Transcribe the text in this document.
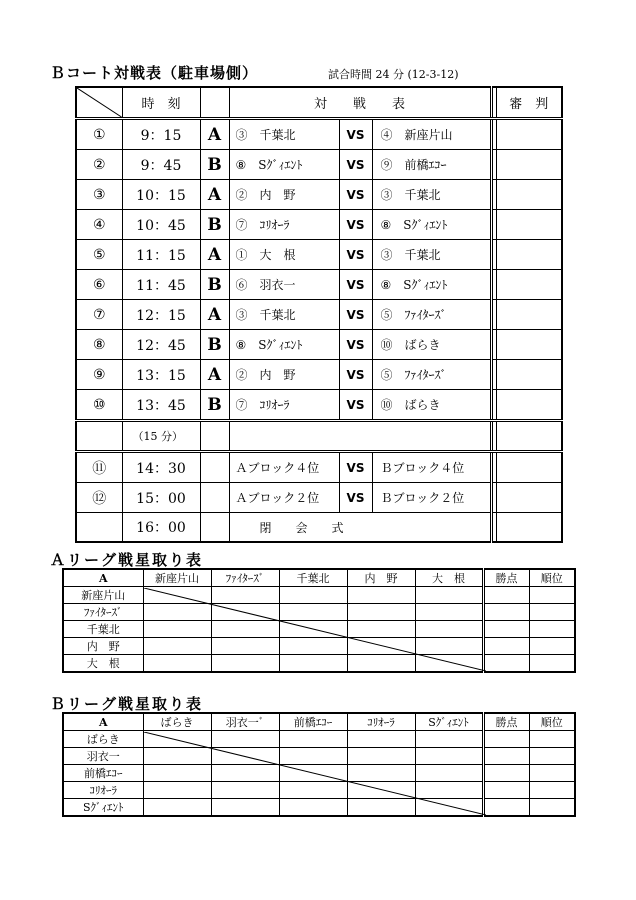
Ｂコート対戦表（駐車場側）	試合時間 24 分 (12-3-12)
	時　刻		対　　戦　　表				審　判
①	9：15	A	③　 千葉北	VS	④　 新座片山		
②	9：45	B	⑧　 Sｸﾞｨｴﾝﾄ	VS	⑨　 前橋ｴｺｰ		
③	10：15	A	②　 内　野	VS	③　 千葉北		
④	10：45	B	⑦　 ｺﾘｵｰﾗ	VS	⑧　 Sｸﾞｨｴﾝﾄ		
⑤	11：15	A	①　 大　根	VS	③　 千葉北		
⑥	11：45	B	⑥　 羽衣一	VS	⑧　 Sｸﾞｨｴﾝﾄ		
⑦	12：15	A	③　 千葉北	VS	⑤　 ﾌｧｲﾀｰｽﾞ		
⑧	12：45	B	⑧　 Sｸﾞｨｴﾝﾄ	VS	⑩　 ばらき		
⑨	13：15	A	②　 内　野	VS	⑤　 ﾌｧｲﾀｰｽﾞ		
⑩	13：45	B	⑦　 ｺﾘｵｰﾗ	VS	⑩　 ばらき		
	（15 分）						
⑪	14：30		Ａブロック４位	VS	Ｂブロック４位		
⑫	15：00		Ａブロック２位	VS	Ｂブロック２位		
	16：00		閉　　会　　式				
Ａリーグ戦星取り表
A	新座片山	ﾌｧｲﾀｰｽﾞ	千葉北	内　野	大　根	勝点	順位
新座片山							
ﾌｧｲﾀｰｽﾞ							
千葉北							
内　野							
大　根							
Ｂリーグ戦星取り表
A	ばらき	羽衣一ﾞ	前橋ｴｺｰ	ｺﾘｵｰﾗ	Sｸﾞｨｴﾝﾄ	勝点	順位
ばらき							
羽衣一							
前橋ｴｺｰ							
ｺﾘｵｰﾗ							
Sｸﾞｨｴﾝﾄ							
